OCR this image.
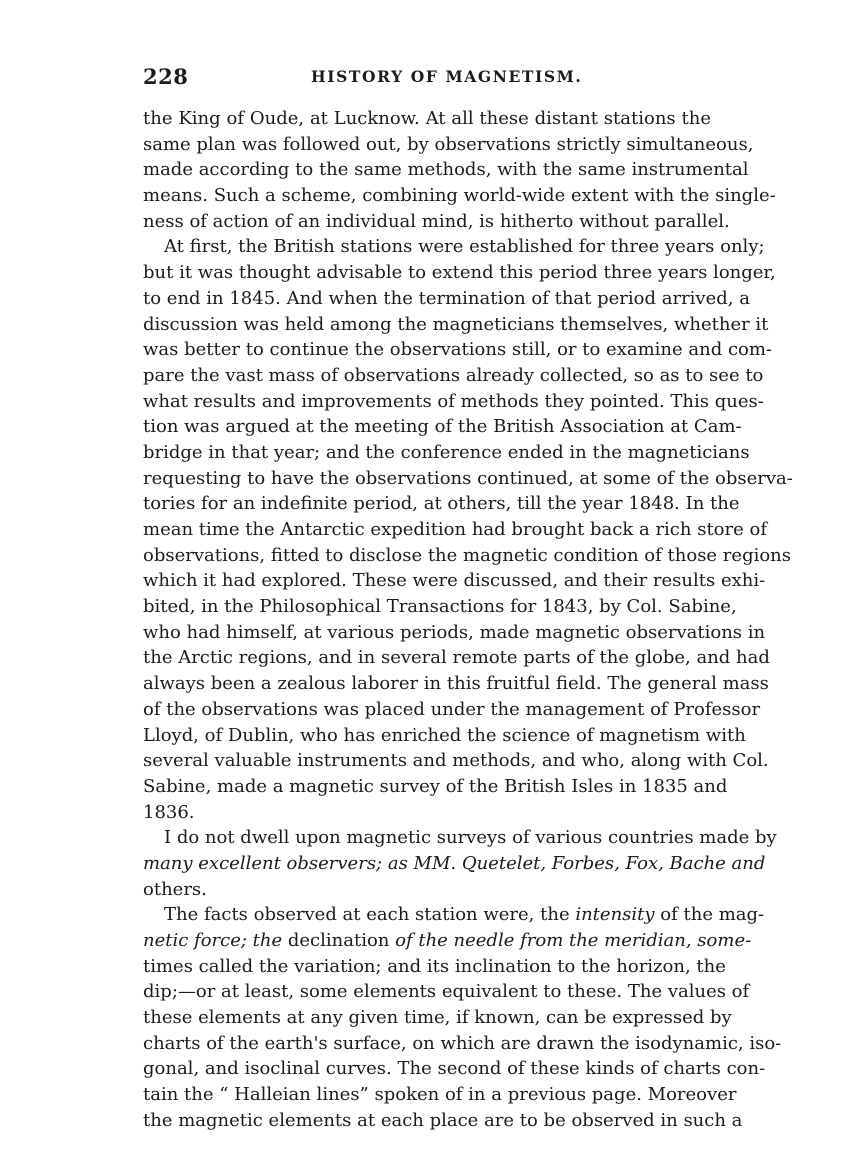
228	HISTORY OF MAGNETISM.
the King of Oude, at Lucknow. At all these distant stations the
same plan was followed out, by observations strictly simultaneous,
made according to the same methods, with the same instrumental
means. Such a scheme, combining world-wide extent with the single-
ness of action of an individual mind, is hitherto without parallel.
At first, the British stations were established for three years only;
but it was thought advisable to extend this period three years longer,
to end in 1845. And when the termination of that period arrived, a
discussion was held among the magneticians themselves, whether it
was better to continue the observations still, or to examine and com-
pare the vast mass of observations already collected, so as to see to
what results and improvements of methods they pointed. This ques-
tion was argued at the meeting of the British Association at Cam-
bridge in that year; and the conference ended in the magneticians
requesting to have the observations continued, at some of the observa-
tories for an indefinite period, at others, till the year 1848. In the
mean time the Antarctic expedition had brought back a rich store of
observations, fitted to disclose the magnetic condition of those regions
which it had explored. These were discussed, and their results exhi-
bited, in the Philosophical Transactions for 1843, by Col. Sabine,
who had himself, at various periods, made magnetic observations in
the Arctic regions, and in several remote parts of the globe, and had
always been a zealous laborer in this fruitful field. The general mass
of the observations was placed under the management of Professor
Lloyd, of Dublin, who has enriched the science of magnetism with
several valuable instruments and methods, and who, along with Col.
Sabine, made a magnetic survey of the British Isles in 1835 and
1836.
I do not dwell upon magnetic surveys of various countries made by
many excellent observers; as MM. Quetelet, Forbes, Fox, Bache and
others.
The facts observed at each station were, the intensity of the mag-
netic force; the declination of the needle from the meridian, some-
times called the variation; and its inclination to the horizon, the
dip;—or at least, some elements equivalent to these. The values of
these elements at any given time, if known, can be expressed by
charts of the earth's surface, on which are drawn the isodynamic, iso-
gonal, and isoclinal curves. The second of these kinds of charts con-
tain the “ Halleian lines” spoken of in a previous page. Moreover
the magnetic elements at each place are to be observed in such a
